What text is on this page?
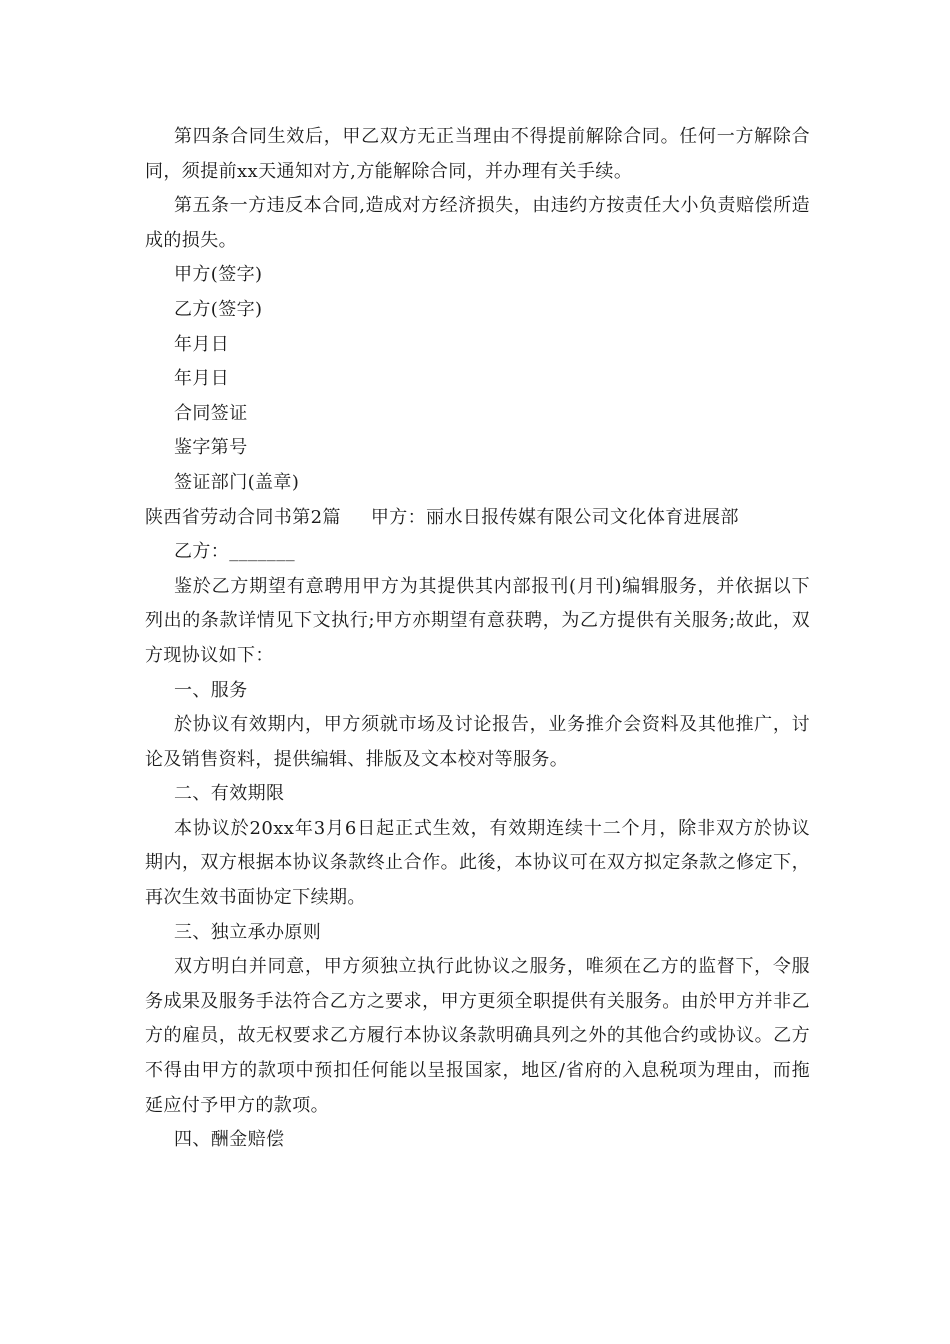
第四条合同生效后，甲乙双方无正当理由不得提前解除合同。任何一方解除合同，须提前xx天通知对方,方能解除合同，并办理有关手续。

第五条一方违反本合同,造成对方经济损失，由违约方按责任大小负责赔偿所造成的损失。

甲方(签字)

乙方(签字)

年月日

年月日

合同签证

鉴字第号

签证部门(盖章)

陕西省劳动合同书第2篇 甲方：丽水日报传媒有限公司文化体育进展部

乙方：_______

鉴於乙方期望有意聘用甲方为其提供其内部报刊(月刊)编辑服务，并依据以下列出的条款详情见下文执行;甲方亦期望有意获聘，为乙方提供有关服务;故此，双方现协议如下：

一、服务

於协议有效期内，甲方须就市场及讨论报告，业务推介会资料及其他推广，讨论及销售资料，提供编辑、排版及文本校对等服务。

二、有效期限

本协议於20xx年3月6日起正式生效，有效期连续十二个月，除非双方於协议期内，双方根据本协议条款终止合作。此後，本协议可在双方拟定条款之修定下，再次生效书面协定下续期。

三、独立承办原则

双方明白并同意，甲方须独立执行此协议之服务，唯须在乙方的监督下，令服务成果及服务手法符合乙方之要求，甲方更须全职提供有关服务。由於甲方并非乙方的雇员，故无权要求乙方履行本协议条款明确具列之外的其他合约或协议。乙方不得由甲方的款项中预扣任何能以呈报国家，地区/省府的入息税项为理由，而拖延应付予甲方的款项。

四、酬金赔偿
